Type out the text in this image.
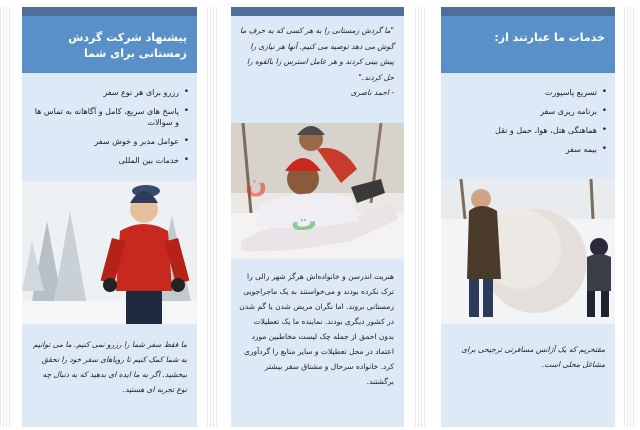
پیشنهاد شرکت گردش زمستانی برای شما
• رزرو برای هر نوع سفر
• پاسخ های سریع، کامل و آگاهانه به تماس ها و سوالات
• عوامل مدبر و خوش سفر
• خدمات بین المللی
ما فقط سفر شما را رزرو نمی کنیم. ما می توانیم به شما کمک کنیم تا رویاهای سفر خود را تحقق ببخشید. اگر به ما ایده ای بدهید که به دنبال چه نوع تجربه ای هستید.
"ما گردش زمستانی را به هر کسی که به حرف ما گوش می دهد توصیه می کنیم. آنها هر نیازی را پیش بینی کردند و هر عامل استرس زا بالقوه را حل کردند."
- احمد ناصری
ن
ت
هنریت اندرسن و خانواده‌اش هرگز شهر رالی را ترک نکرده بودند و می‌خواستند به یک ماجراجویی زمستانی بروند. اما نگران مریض شدن یا گم شدن در کشور دیگری بودند. نماینده ما یک تعطیلات بدون احمق از جمله چک لیست مخاطبین مورد اعتماد در محل تعطیلات و سایر منابع را گردآوری کرد. خانواده سرحال و مشتاق سفر بیشتر برگشتند.
خدمات ما عبارتند از:
• تسریع پاسپورت
• برنامه ریزی سفر
• هماهنگی هتل، هوا، حمل و نقل
• بیمه سفر
مقتخریم که یک آژانس مسافرتی ترجیحی برای مشاغل محلی است.
